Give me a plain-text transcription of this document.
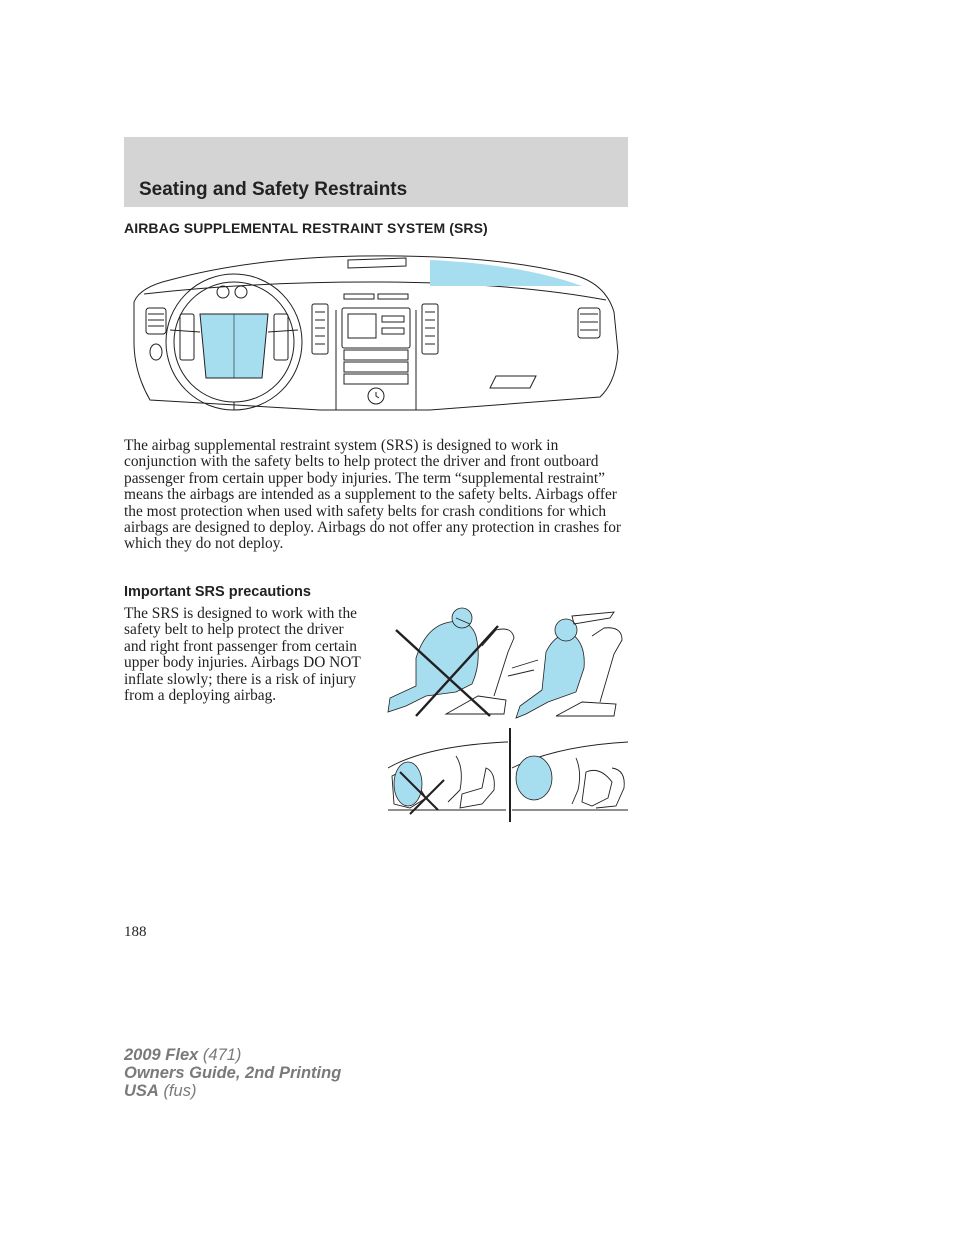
Seating and Safety Restraints
AIRBAG SUPPLEMENTAL RESTRAINT SYSTEM (SRS)

The airbag supplemental restraint system (SRS) is designed to work in conjunction with the safety belts to help protect the driver and front outboard passenger from certain upper body injuries. The term “supplemental restraint” means the airbags are intended as a supplement to the safety belts. Airbags offer the most protection when used with safety belts for crash conditions for which airbags are designed to deploy. Airbags do not offer any protection in crashes for which they do not deploy.

Important SRS precautions

The SRS is designed to work with the safety belt to help protect the driver and right front passenger from certain upper body injuries. Airbags DO NOT inflate slowly; there is a risk of injury from a deploying airbag.

188

2009 Flex (471)
Owners Guide, 2nd Printing
USA (fus)
